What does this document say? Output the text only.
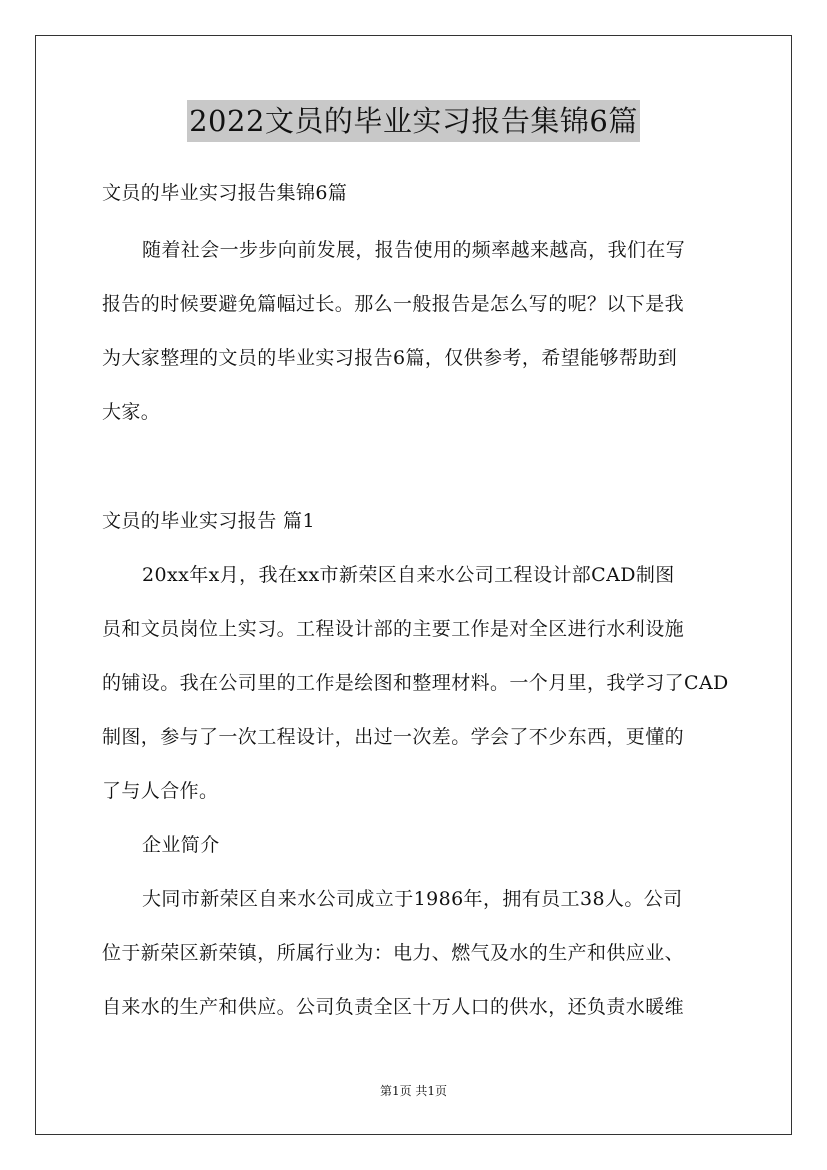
2022文员的毕业实习报告集锦6篇
文员的毕业实习报告集锦6篇
随着社会一步步向前发展，报告使用的频率越来越高，我们在写
报告的时候要避免篇幅过长。那么一般报告是怎么写的呢？以下是我
为大家整理的文员的毕业实习报告6篇，仅供参考，希望能够帮助到
大家。
文员的毕业实习报告 篇1
20xx年x月，我在xx市新荣区自来水公司工程设计部CAD制图
员和文员岗位上实习。工程设计部的主要工作是对全区进行水利设施
的铺设。我在公司里的工作是绘图和整理材料。一个月里，我学习了CAD
制图，参与了一次工程设计，出过一次差。学会了不少东西，更懂的
了与人合作。
企业简介
大同市新荣区自来水公司成立于1986年，拥有员工38人。公司
位于新荣区新荣镇，所属行业为：电力、燃气及水的生产和供应业、
自来水的生产和供应。公司负责全区十万人口的供水，还负责水暖维
第1页 共1页
